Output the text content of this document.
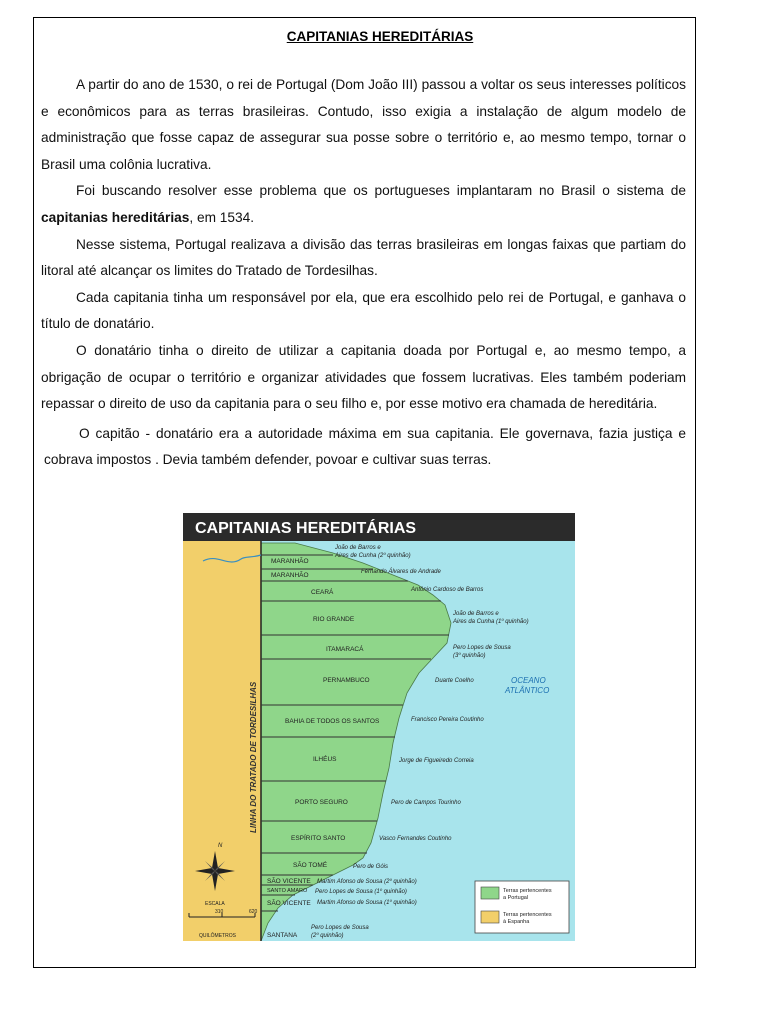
CAPITANIAS HEREDITÁRIAS

A partir do ano de 1530, o rei de Portugal (Dom João III) passou a voltar os seus interesses políticos e econômicos para as terras brasileiras. Contudo, isso exigia a instalação de algum modelo de administração que fosse capaz de assegurar sua posse sobre o território e, ao mesmo tempo, tornar o Brasil uma colônia lucrativa.

Foi buscando resolver esse problema que os portugueses implantaram no Brasil o sistema de capitanias hereditárias, em 1534.

Nesse sistema, Portugal realizava a divisão das terras brasileiras em longas faixas que partiam do litoral até alcançar os limites do Tratado de Tordesilhas.

Cada capitania tinha um responsável por ela, que era escolhido pelo rei de Portugal, e ganhava o título de donatário.

O donatário tinha o direito de utilizar a capitania doada por Portugal e, ao mesmo tempo, a obrigação de ocupar o território e organizar atividades que fossem lucrativas. Eles também poderiam repassar o direito de uso da capitania para o seu filho e, por esse motivo era chamada de hereditária.

O capitão - donatário era a autoridade máxima em sua capitania. Ele governava, fazia justiça e cobrava impostos . Devia também defender, povoar e cultivar suas terras.

CAPITANIAS HEREDITÁRIAS
LINHA DO TRATADO DE TORDESILHAS
MARANHÃO
MARANHÃO
CEARÁ
RIO GRANDE
ITAMARACÁ
PERNAMBUCO
BAHIA DE TODOS OS SANTOS
ILHÉUS
PORTO SEGURO
ESPÍRITO SANTO
SÃO TOMÉ
SÃO VICENTE
SANTO AMARO
SÃO VICENTE
SANTANA
João de Barros e
Aires de Cunha (2º quinhão)
Fernando Álvares de Andrade
Antônio Cardoso de Barros
João de Barros e
Aires da Cunha (1º quinhão)
Pero Lopes de Sousa
(3º quinhão)
Duarte Coelho
Francisco Pereira Coutinho
Jorge de Figueiredo Correia
Pero de Campos Tourinho
Vasco Fernandes Coutinho
Pero de Góis
Martim Afonso de Sousa (2º quinhão)
Pero Lopes de Sousa (1º quinhão)
Martim Afonso de Sousa (1º quinhão)
Pero Lopes de Sousa
(2º quinhão)
OCEANO
ATLÂNTICO
N
ESCALA
310	620
QUILÔMETROS
Terras pertencentes
a Portugal
Terras pertencentes
à Espanha
